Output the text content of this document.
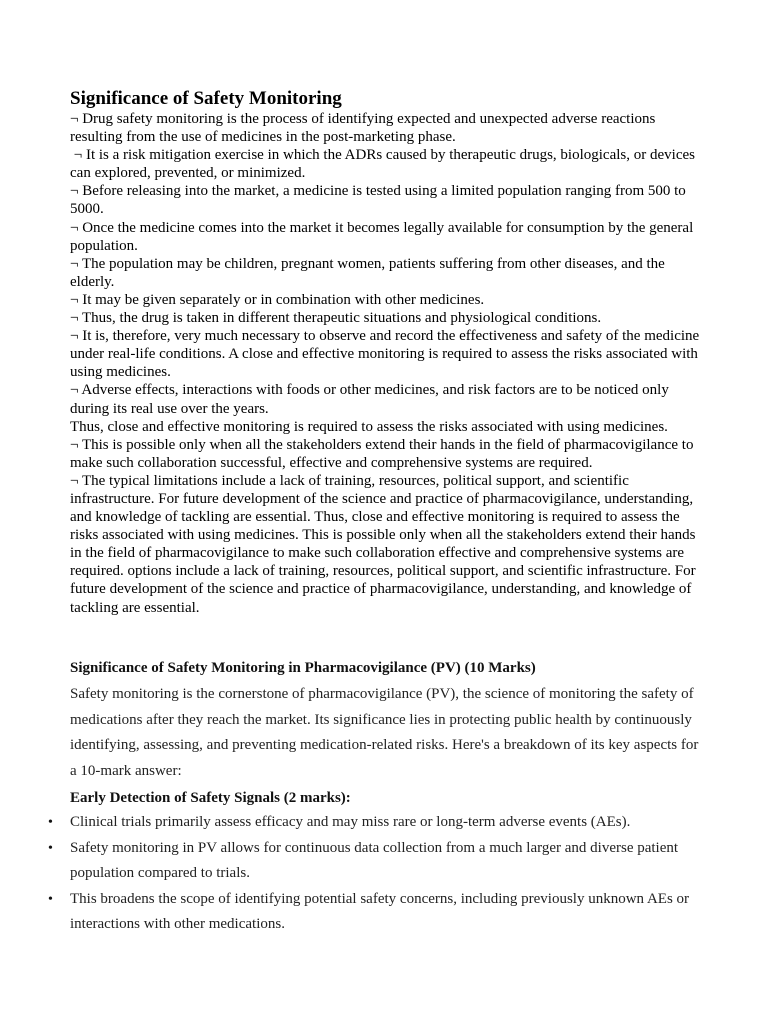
Significance of Safety Monitoring

¬ Drug safety monitoring is the process of identifying expected and unexpected adverse reactions resulting from the use of medicines in the post-marketing phase.

¬ It is a risk mitigation exercise in which the ADRs caused by therapeutic drugs, biologicals, or devices can explored, prevented, or minimized.

¬ Before releasing into the market, a medicine is tested using a limited population ranging from 500 to 5000.

¬ Once the medicine comes into the market it becomes legally available for consumption by the general population.

¬ The population may be children, pregnant women, patients suffering from other diseases, and the elderly.

¬ It may be given separately or in combination with other medicines.

¬ Thus, the drug is taken in different therapeutic situations and physiological conditions.

¬ It is, therefore, very much necessary to observe and record the effectiveness and safety of the medicine under real-life conditions. A close and effective monitoring is required to assess the risks associated with using medicines.

¬ Adverse effects, interactions with foods or other medicines, and risk factors are to be noticed only during its real use over the years.

Thus, close and effective monitoring is required to assess the risks associated with using medicines.

¬ This is possible only when all the stakeholders extend their hands in the field of pharmacovigilance to make such collaboration successful, effective and comprehensive systems are required.

¬ The typical limitations include a lack of training, resources, political support, and scientific infrastructure. For future development of the science and practice of pharmacovigilance, understanding, and knowledge of tackling are essential. Thus, close and effective monitoring is required to assess the risks associated with using medicines. This is possible only when all the stakeholders extend their hands in the field of pharmacovigilance to make such collaboration effective and comprehensive systems are required. options include a lack of training, resources, political support, and scientific infrastructure. For future development of the science and practice of pharmacovigilance, understanding, and knowledge of tackling are essential.

Significance of Safety Monitoring in Pharmacovigilance (PV) (10 Marks)

Safety monitoring is the cornerstone of pharmacovigilance (PV), the science of monitoring the safety of medications after they reach the market. Its significance lies in protecting public health by continuously identifying, assessing, and preventing medication-related risks. Here's a breakdown of its key aspects for a 10-mark answer:

Early Detection of Safety Signals (2 marks):
• Clinical trials primarily assess efficacy and may miss rare or long-term adverse events (AEs).
• Safety monitoring in PV allows for continuous data collection from a much larger and diverse patient population compared to trials.
• This broadens the scope of identifying potential safety concerns, including previously unknown AEs or interactions with other medications.
